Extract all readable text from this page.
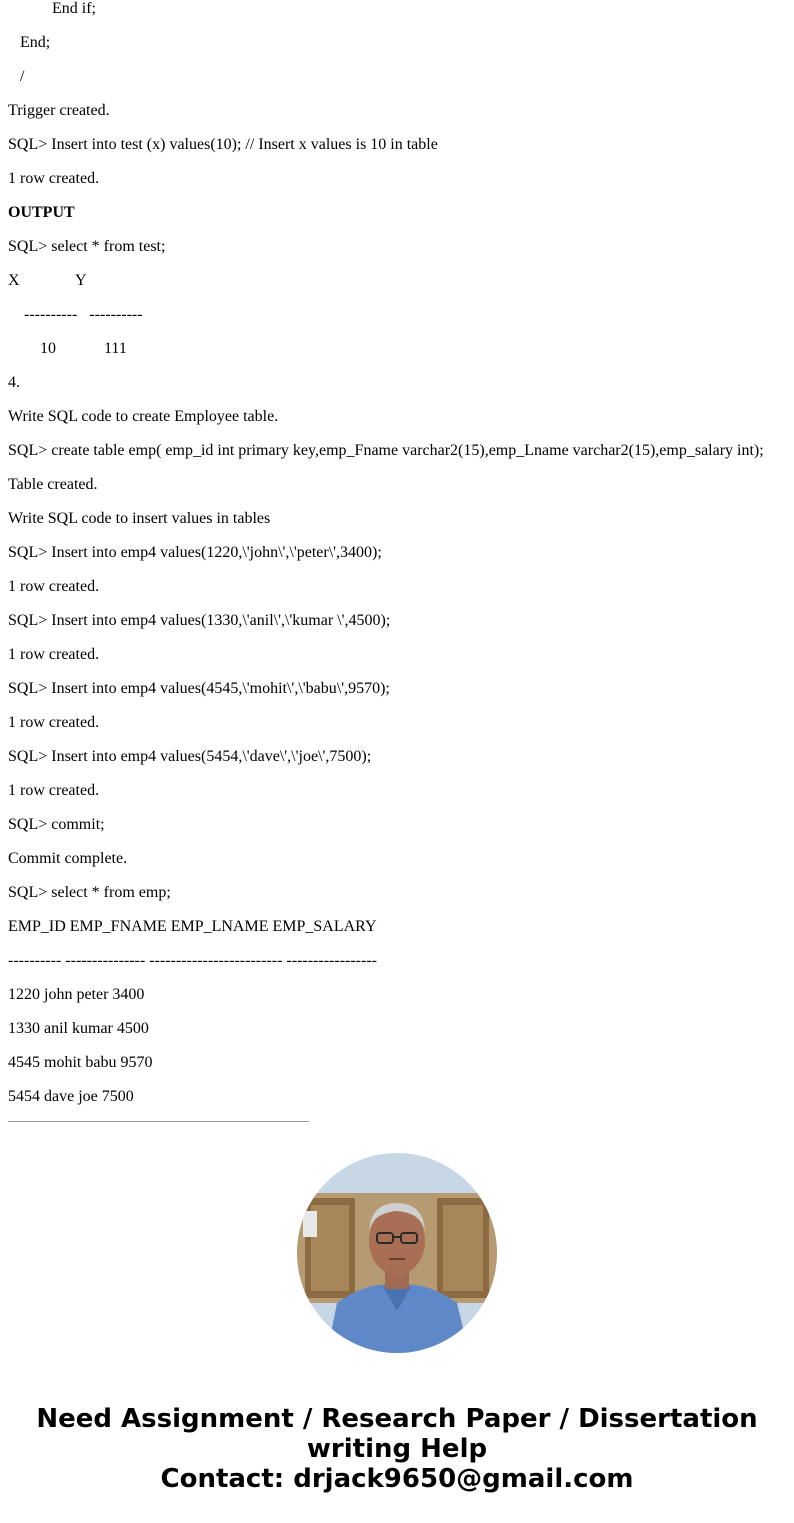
End if;
End;
/
Trigger created.
SQL> Insert into test (x) values(10); // Insert x values is 10 in table
1 row created.
OUTPUT
SQL> select * from test;
X              Y
----------   ----------
10            111
4.
Write SQL code to create Employee table.
SQL> create table emp( emp_id int primary key,emp_Fname varchar2(15),emp_Lname varchar2(15),emp_salary int);
Table created.
Write SQL code to insert values in tables
SQL> Insert into emp4 values(1220,\'john\',\'peter\',3400);
1 row created.
SQL> Insert into emp4 values(1330,\'anil\',\'kumar \',4500);
1 row created.
SQL> Insert into emp4 values(4545,\'mohit\',\'babu\',9570);
1 row created.
SQL> Insert into emp4 values(5454,\'dave\',\'joe\',7500);
1 row created.
SQL> commit;
Commit complete.
SQL> select * from emp;
EMP_ID EMP_FNAME EMP_LNAME EMP_SALARY
---------- --------------- ------------------------- -----------------
1220 john peter 3400
1330 anil kumar 4500
4545 mohit babu 9570
5454 dave joe 7500
Need Assignment / Research Paper / Dissertation
writing Help
Contact: drjack9650@gmail.com
